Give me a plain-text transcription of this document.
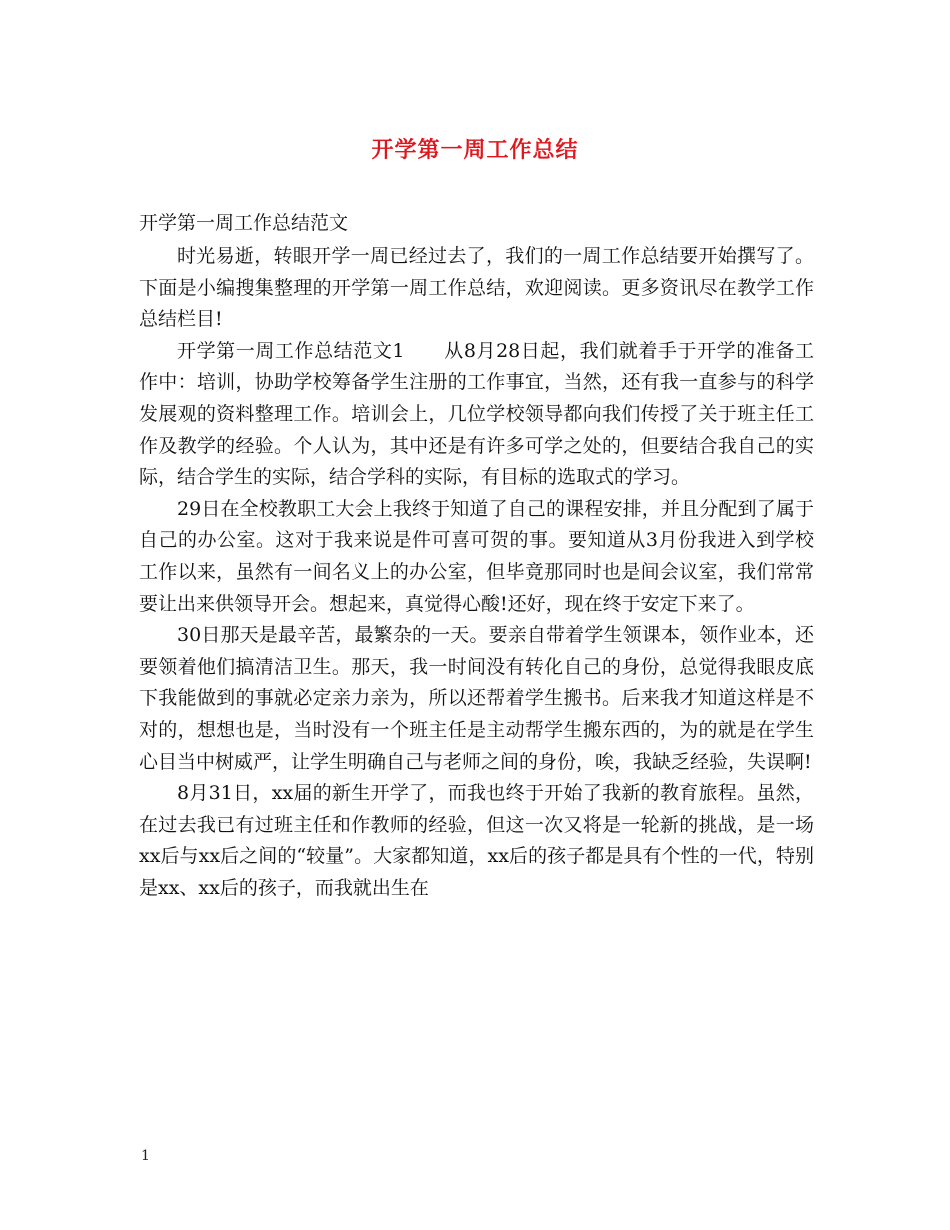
开学第一周工作总结
开学第一周工作总结范文

时光易逝，转眼开学一周已经过去了，我们的一周工作总结要开始撰写了。下面是小编搜集整理的开学第一周工作总结，欢迎阅读。更多资讯尽在教学工作总结栏目!

开学第一周工作总结范文1　　从8月28日起，我们就着手于开学的准备工作中：培训，协助学校筹备学生注册的工作事宜，当然，还有我一直参与的科学发展观的资料整理工作。培训会上，几位学校领导都向我们传授了关于班主任工作及教学的经验。个人认为，其中还是有许多可学之处的，但要结合我自己的实际，结合学生的实际，结合学科的实际，有目标的选取式的学习。

29日在全校教职工大会上我终于知道了自己的课程安排，并且分配到了属于自己的办公室。这对于我来说是件可喜可贺的事。要知道从3月份我进入到学校工作以来，虽然有一间名义上的办公室，但毕竟那同时也是间会议室，我们常常要让出来供领导开会。想起来，真觉得心酸!还好，现在终于安定下来了。

30日那天是最辛苦，最繁杂的一天。要亲自带着学生领课本，领作业本，还要领着他们搞清洁卫生。那天，我一时间没有转化自己的身份，总觉得我眼皮底下我能做到的事就必定亲力亲为，所以还帮着学生搬书。后来我才知道这样是不对的，想想也是，当时没有一个班主任是主动帮学生搬东西的，为的就是在学生心目当中树威严，让学生明确自己与老师之间的身份，唉，我缺乏经验，失误啊!

8月31日，xx届的新生开学了，而我也终于开始了我新的教育旅程。虽然，在过去我已有过班主任和作教师的经验，但这一次又将是一轮新的挑战，是一场xx后与xx后之间的“较量”。大家都知道，xx后的孩子都是具有个性的一代，特别是xx、xx后的孩子，而我就出生在

1
